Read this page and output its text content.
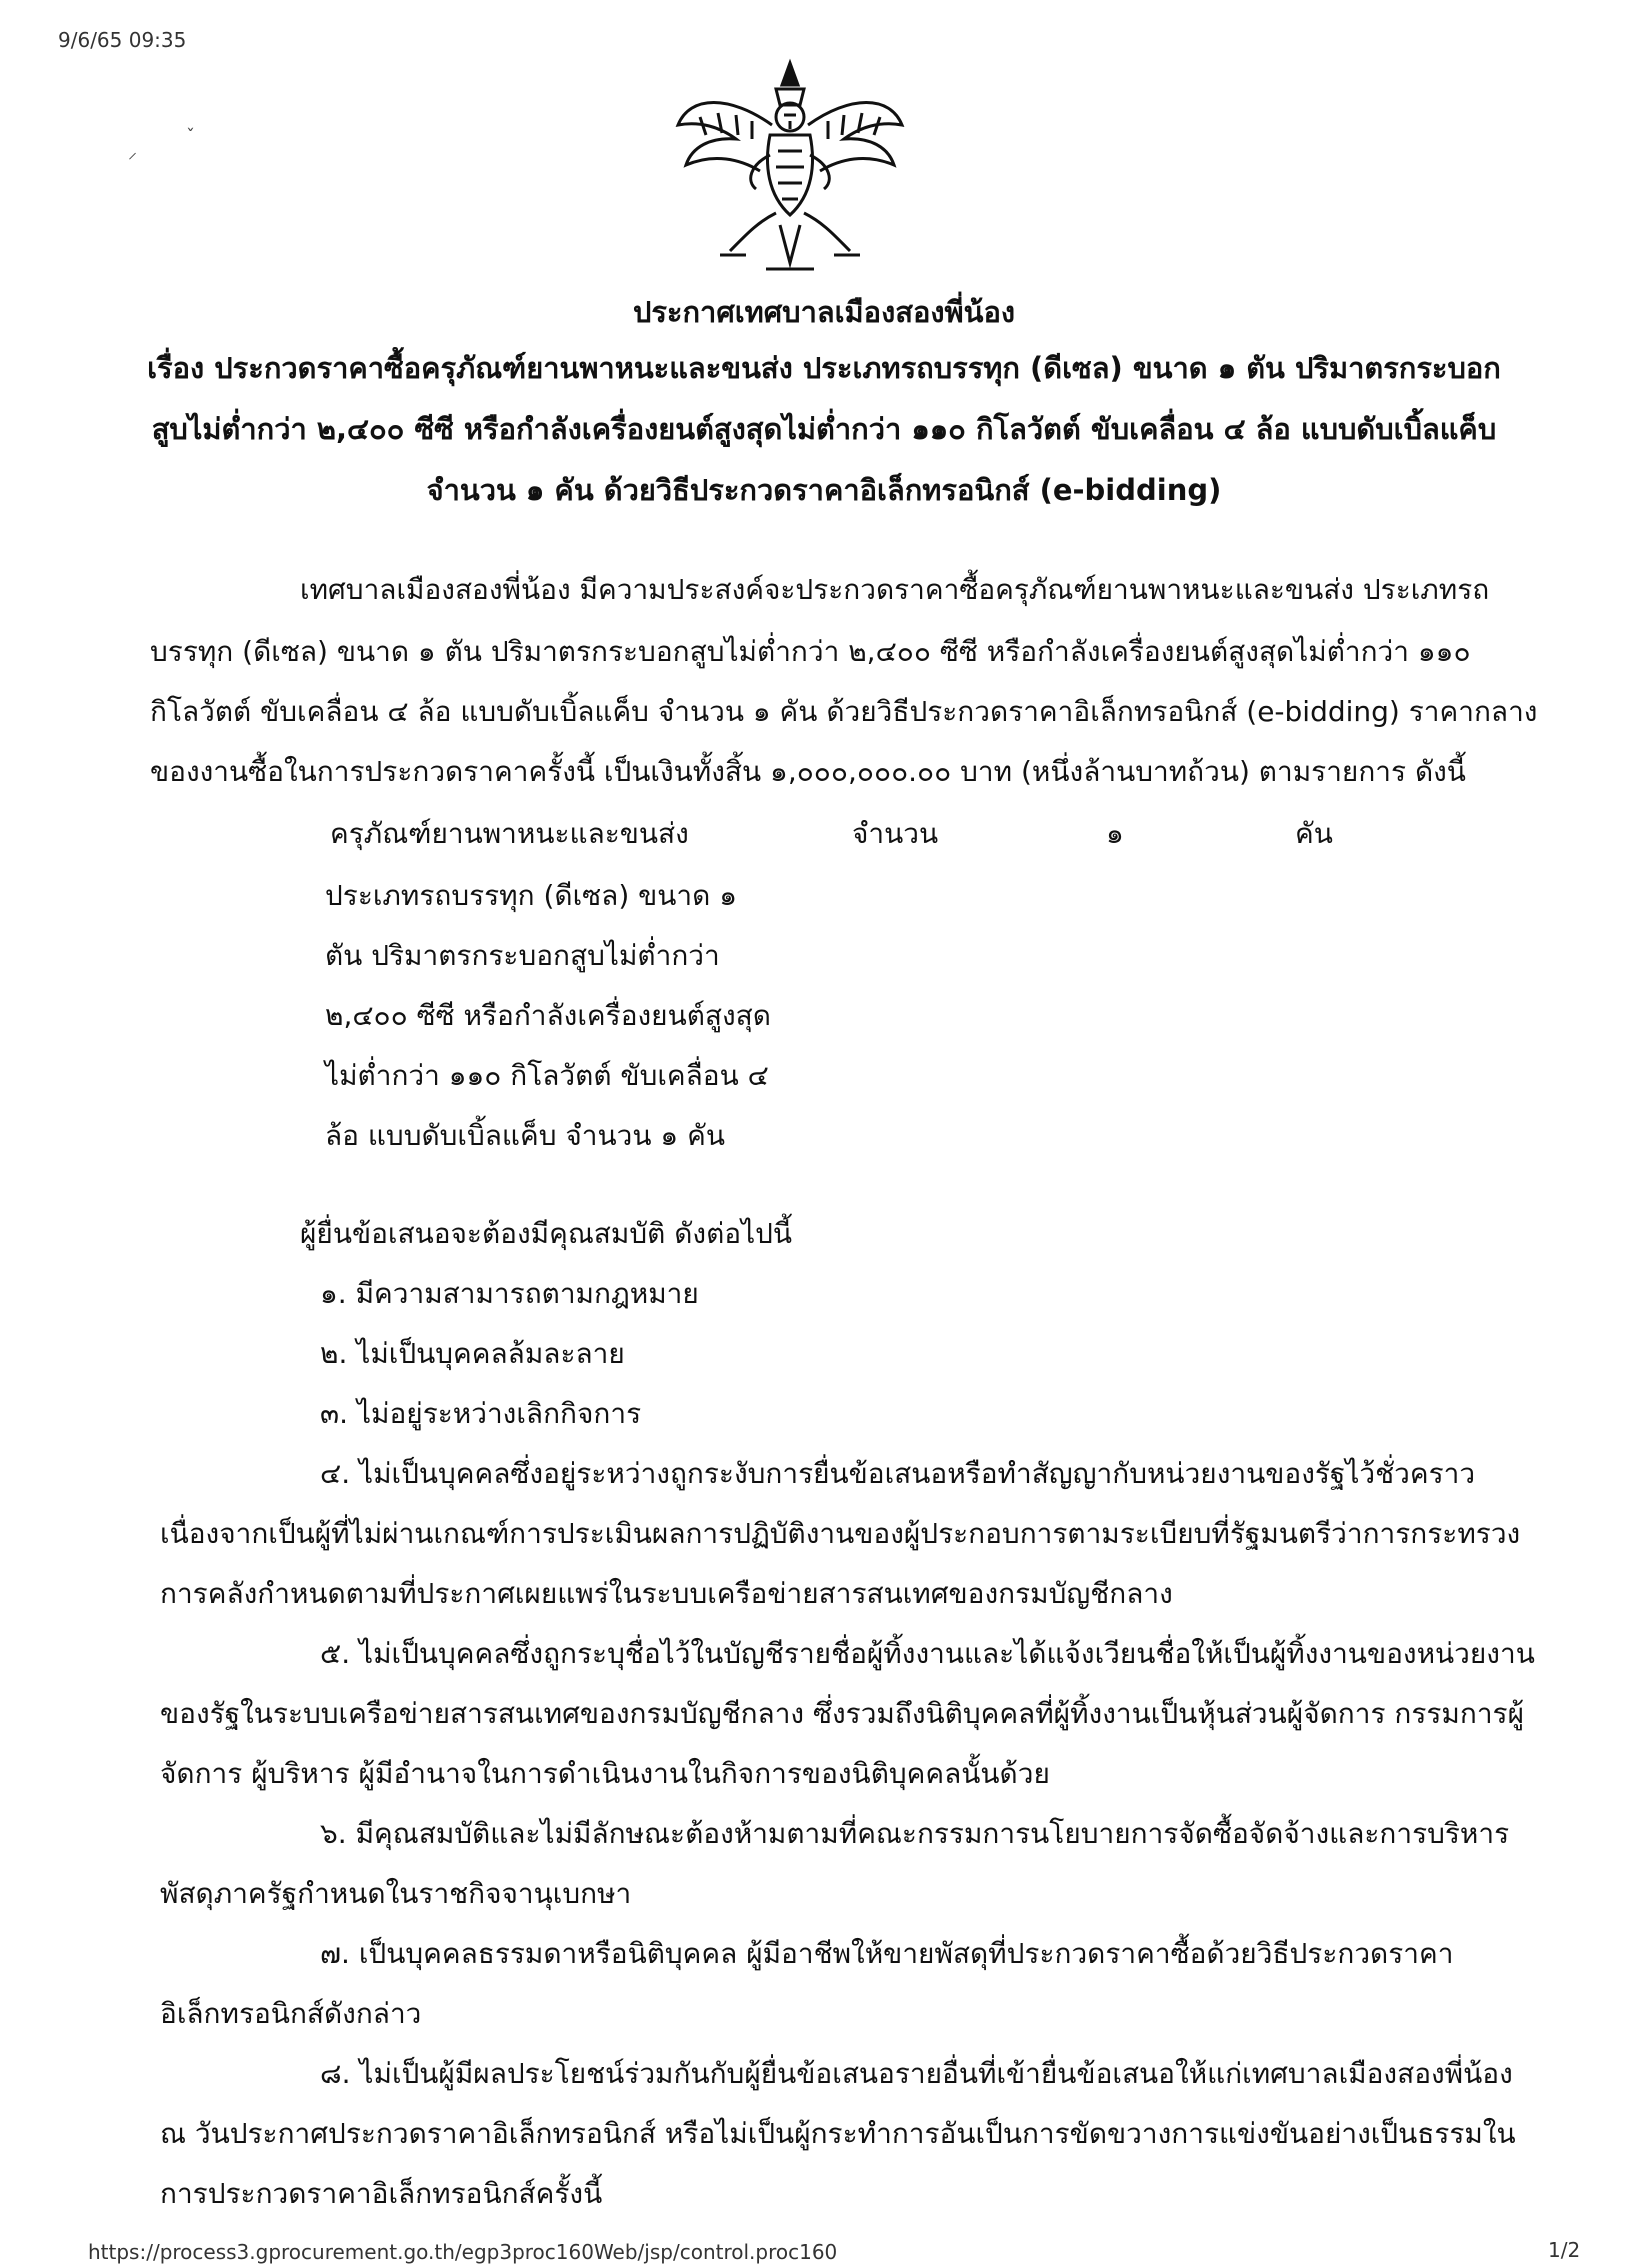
9/6/65 09:35
⸝
ˇ
ประกาศเทศบาลเมืองสองพี่น้อง
เรื่อง ประกวดราคาซื้อครุภัณฑ์ยานพาหนะและขนส่ง ประเภทรถบรรทุก (ดีเซล) ขนาด ๑ ตัน ปริมาตรกระบอก
สูบไม่ต่ำกว่า ๒,๔๐๐ ซีซี หรือกำลังเครื่องยนต์สูงสุดไม่ต่ำกว่า ๑๑๐ กิโลวัตต์ ขับเคลื่อน ๔ ล้อ แบบดับเบิ้ลแค็บ
จำนวน ๑ คัน ด้วยวิธีประกวดราคาอิเล็กทรอนิกส์ (e-bidding)
เทศบาลเมืองสองพี่น้อง มีความประสงค์จะประกวดราคาซื้อครุภัณฑ์ยานพาหนะและขนส่ง ประเภทรถ
บรรทุก (ดีเซล) ขนาด ๑ ตัน ปริมาตรกระบอกสูบไม่ต่ำกว่า ๒,๔๐๐ ซีซี หรือกำลังเครื่องยนต์สูงสุดไม่ต่ำกว่า ๑๑๐
กิโลวัตต์ ขับเคลื่อน ๔ ล้อ แบบดับเบิ้ลแค็บ จำนวน ๑ คัน ด้วยวิธีประกวดราคาอิเล็กทรอนิกส์ (e-bidding) ราคากลาง
ของงานซื้อในการประกวดราคาครั้งนี้ เป็นเงินทั้งสิ้น ๑,๐๐๐,๐๐๐.๐๐ บาท (หนึ่งล้านบาทถ้วน) ตามรายการ ดังนี้
ครุภัณฑ์ยานพาหนะและขนส่ง	จำนวน	๑	คัน
ประเภทรถบรรทุก (ดีเซล) ขนาด ๑
ตัน ปริมาตรกระบอกสูบไม่ต่ำกว่า
๒,๔๐๐ ซีซี หรือกำลังเครื่องยนต์สูงสุด
ไม่ต่ำกว่า ๑๑๐ กิโลวัตต์ ขับเคลื่อน ๔
ล้อ แบบดับเบิ้ลแค็บ จำนวน ๑ คัน
ผู้ยื่นข้อเสนอจะต้องมีคุณสมบัติ ดังต่อไปนี้
๑. มีความสามารถตามกฎหมาย
๒. ไม่เป็นบุคคลล้มละลาย
๓. ไม่อยู่ระหว่างเลิกกิจการ
๔. ไม่เป็นบุคคลซึ่งอยู่ระหว่างถูกระงับการยื่นข้อเสนอหรือทำสัญญากับหน่วยงานของรัฐไว้ชั่วคราว
เนื่องจากเป็นผู้ที่ไม่ผ่านเกณฑ์การประเมินผลการปฏิบัติงานของผู้ประกอบการตามระเบียบที่รัฐมนตรีว่าการกระทรวง
การคลังกำหนดตามที่ประกาศเผยแพร่ในระบบเครือข่ายสารสนเทศของกรมบัญชีกลาง
๕. ไม่เป็นบุคคลซึ่งถูกระบุชื่อไว้ในบัญชีรายชื่อผู้ทิ้งงานและได้แจ้งเวียนชื่อให้เป็นผู้ทิ้งงานของหน่วยงาน
ของรัฐในระบบเครือข่ายสารสนเทศของกรมบัญชีกลาง ซึ่งรวมถึงนิติบุคคลที่ผู้ทิ้งงานเป็นหุ้นส่วนผู้จัดการ กรรมการผู้
จัดการ ผู้บริหาร ผู้มีอำนาจในการดำเนินงานในกิจการของนิติบุคคลนั้นด้วย
๖. มีคุณสมบัติและไม่มีลักษณะต้องห้ามตามที่คณะกรรมการนโยบายการจัดซื้อจัดจ้างและการบริหาร
พัสดุภาครัฐกำหนดในราชกิจจานุเบกษา
๗. เป็นบุคคลธรรมดาหรือนิติบุคคล ผู้มีอาชีพให้ขายพัสดุที่ประกวดราคาซื้อด้วยวิธีประกวดราคา
อิเล็กทรอนิกส์ดังกล่าว
๘. ไม่เป็นผู้มีผลประโยชน์ร่วมกันกับผู้ยื่นข้อเสนอรายอื่นที่เข้ายื่นข้อเสนอให้แก่เทศบาลเมืองสองพี่น้อง
ณ วันประกาศประกวดราคาอิเล็กทรอนิกส์ หรือไม่เป็นผู้กระทำการอันเป็นการขัดขวางการแข่งขันอย่างเป็นธรรมใน
การประกวดราคาอิเล็กทรอนิกส์ครั้งนี้
https://process3.gprocurement.go.th/egp3proc160Web/jsp/control.proc160	1/2
